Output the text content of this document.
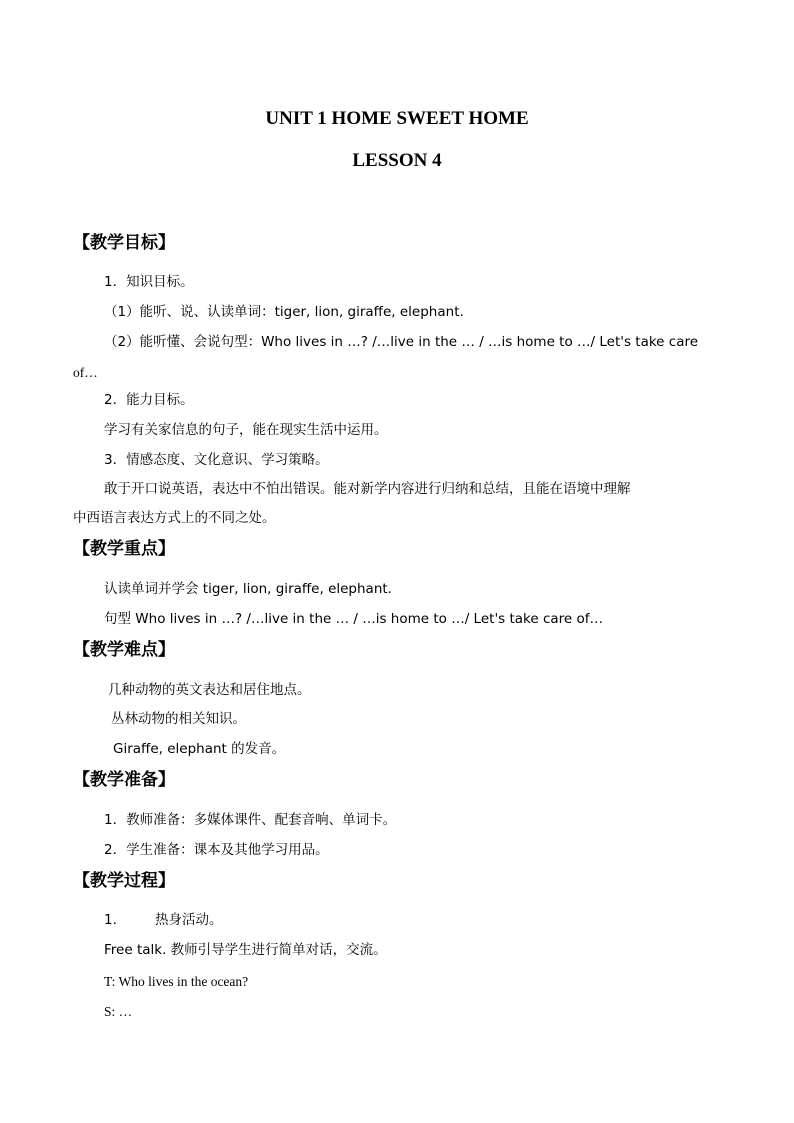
UNIT 1 HOME SWEET HOME
LESSON 4
【教学目标】
1．知识目标。
（1）能听、说、认读单词：tiger, lion, giraffe, elephant.
（2）能听懂、会说句型：Who lives in …? /…live in the … / …is home to …/ Let's take care
of…
2．能力目标。
学习有关家信息的句子，能在现实生活中运用。
3．情感态度、文化意识、学习策略。
敢于开口说英语，表达中不怕出错误。能对新学内容进行归纳和总结，且能在语境中理解
中西语言表达方式上的不同之处。
【教学重点】
认读单词并学会 tiger, lion, giraffe, elephant.
句型 Who lives in …? /…live in the … / …is home to …/ Let's take care of…
【教学难点】
几种动物的英文表达和居住地点。
丛林动物的相关知识。
Giraffe, elephant 的发音。
【教学准备】
1．教师准备：多媒体课件、配套音响、单词卡。
2．学生准备：课本及其他学习用品。
【教学过程】
1.	热身活动。
Free talk. 教师引导学生进行简单对话，交流。
T: Who lives in the ocean?
S: …
